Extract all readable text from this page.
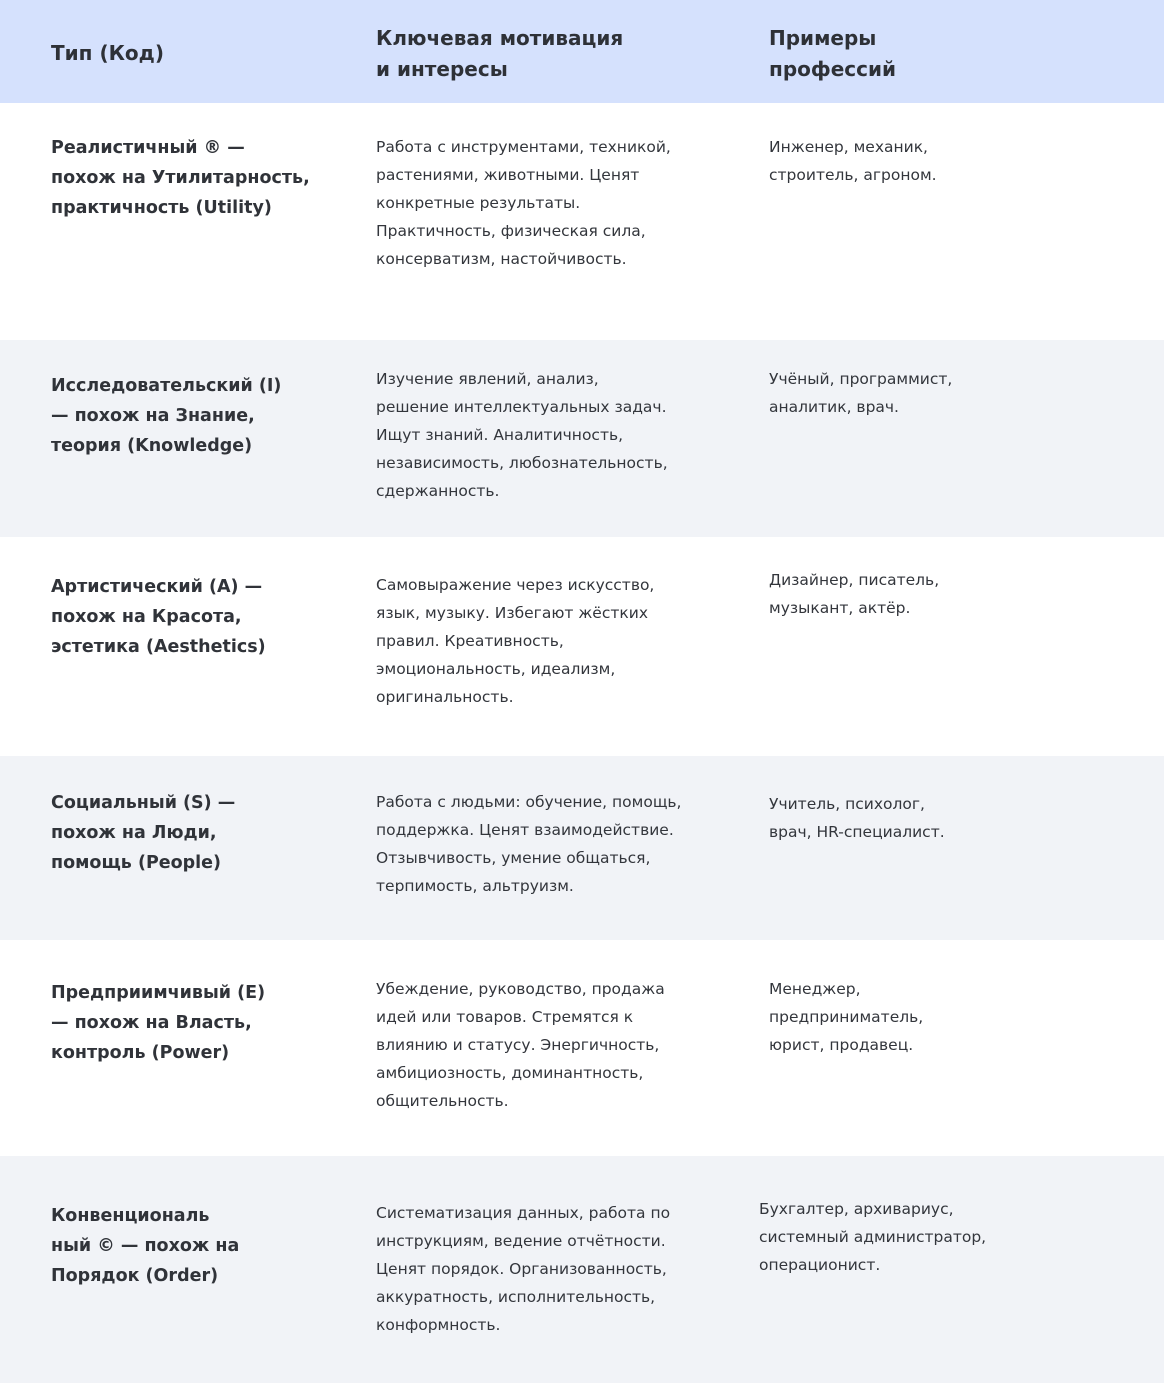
Тип (Код)
Ключевая мотивация
и интересы
Примеры
профессий
Реалистичный ® —
похож на Утилитарность,
практичность (Utility)
Работа с инструментами, техникой,
растениями, животными. Ценят
конкретные результаты.
Практичность, физическая сила,
консерватизм, настойчивость.
Инженер, механик,
строитель, агроном.
Исследовательский (I)
— похож на Знание,
теория (Knowledge)
Изучение явлений, анализ,
решение интеллектуальных задач.
Ищут знаний. Аналитичность,
независимость, любознательность,
сдержанность.
Учёный, программист,
аналитик, врач.
Артистический (A) —
похож на Красота,
эстетика (Aesthetics)
Самовыражение через искусство,
язык, музыку. Избегают жёстких
правил. Креативность,
эмоциональность, идеализм,
оригинальность.
Дизайнер, писатель,
музыкант, актёр.
Социальный (S) —
похож на Люди,
помощь (People)
Работа с людьми: обучение, помощь,
поддержка. Ценят взаимодействие.
Отзывчивость, умение общаться,
терпимость, альтруизм.
Учитель, психолог,
врач, HR-специалист.
Предприимчивый (E)
— похож на Власть,
контроль (Power)
Убеждение, руководство, продажа
идей или товаров. Стремятся к
влиянию и статусу. Энергичность,
амбициозность, доминантность,
общительность.
Менеджер,
предприниматель,
юрист, продавец.
Конвенциональ
ный © — похож на
Порядок (Order)
Систематизация данных, работа по
инструкциям, ведение отчётности.
Ценят порядок. Организованность,
аккуратность, исполнительность,
конформность.
Бухгалтер, архивариус,
системный администратор,
операционист.
